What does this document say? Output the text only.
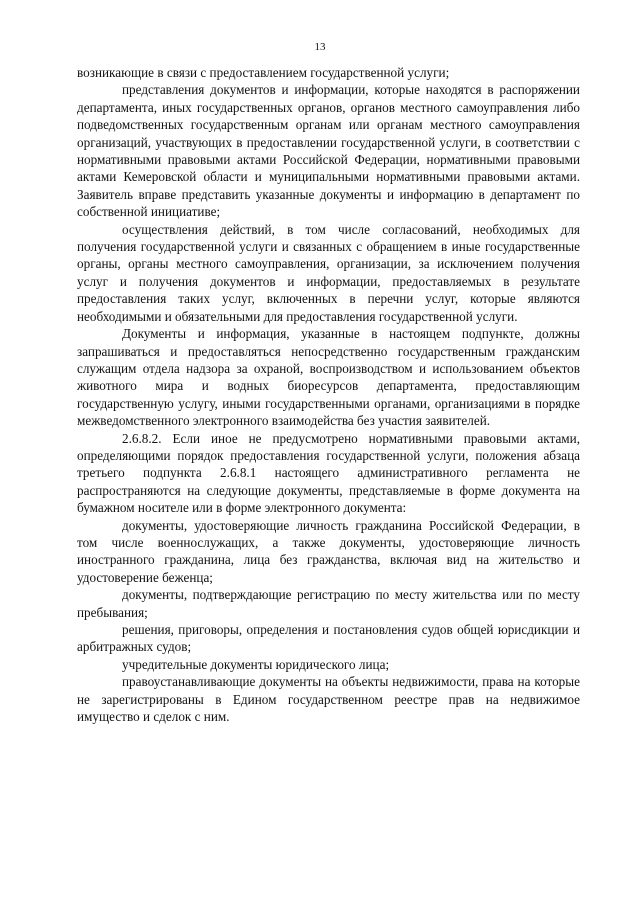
13

возникающие в связи с предоставлением государственной услуги;

представления документов и информации, которые находятся в распоряжении департамента, иных государственных органов, органов местного самоуправления либо подведомственных государственным органам или органам местного самоуправления организаций, участвующих в предоставлении государственной услуги, в соответствии с нормативными правовыми актами Российской Федерации, нормативными правовыми актами Кемеровской области и муниципальными нормативными правовыми актами. Заявитель вправе представить указанные документы и информацию в департамент по собственной инициативе;

осуществления действий, в том числе согласований, необходимых для получения государственной услуги и связанных с обращением в иные государственные органы, органы местного самоуправления, организации, за исключением получения услуг и получения документов и информации, предоставляемых в результате предоставления таких услуг, включенных в перечни услуг, которые являются необходимыми и обязательными для предоставления государственной услуги.

Документы и информация, указанные в настоящем подпункте, должны запрашиваться и предоставляться непосредственно государственным гражданским служащим отдела надзора за охраной, воспроизводством и использованием объектов животного мира и водных биоресурсов департамента, предоставляющим государственную услугу, иными государственными органами, организациями в порядке межведомственного электронного взаимодейства без участия заявителей.

2.6.8.2. Если иное не предусмотрено нормативными правовыми актами, определяющими порядок предоставления государственной услуги, положения абзаца третьего подпункта 2.6.8.1 настоящего административного регламента не распространяются на следующие документы, представляемые в форме документа на бумажном носителе или в форме электронного документа:

документы, удостоверяющие личность гражданина Российской Федерации, в том числе военнослужащих, а также документы, удостоверяющие личность иностранного гражданина, лица без гражданства, включая вид на жительство и удостоверение беженца;

документы, подтверждающие регистрацию по месту жительства или по месту пребывания;

решения, приговоры, определения и постановления судов общей юрисдикции и арбитражных судов;

учредительные документы юридического лица;

правоустанавливающие документы на объекты недвижимости, права на которые не зарегистрированы в Едином государственном реестре прав на недвижимое имущество и сделок с ним.
